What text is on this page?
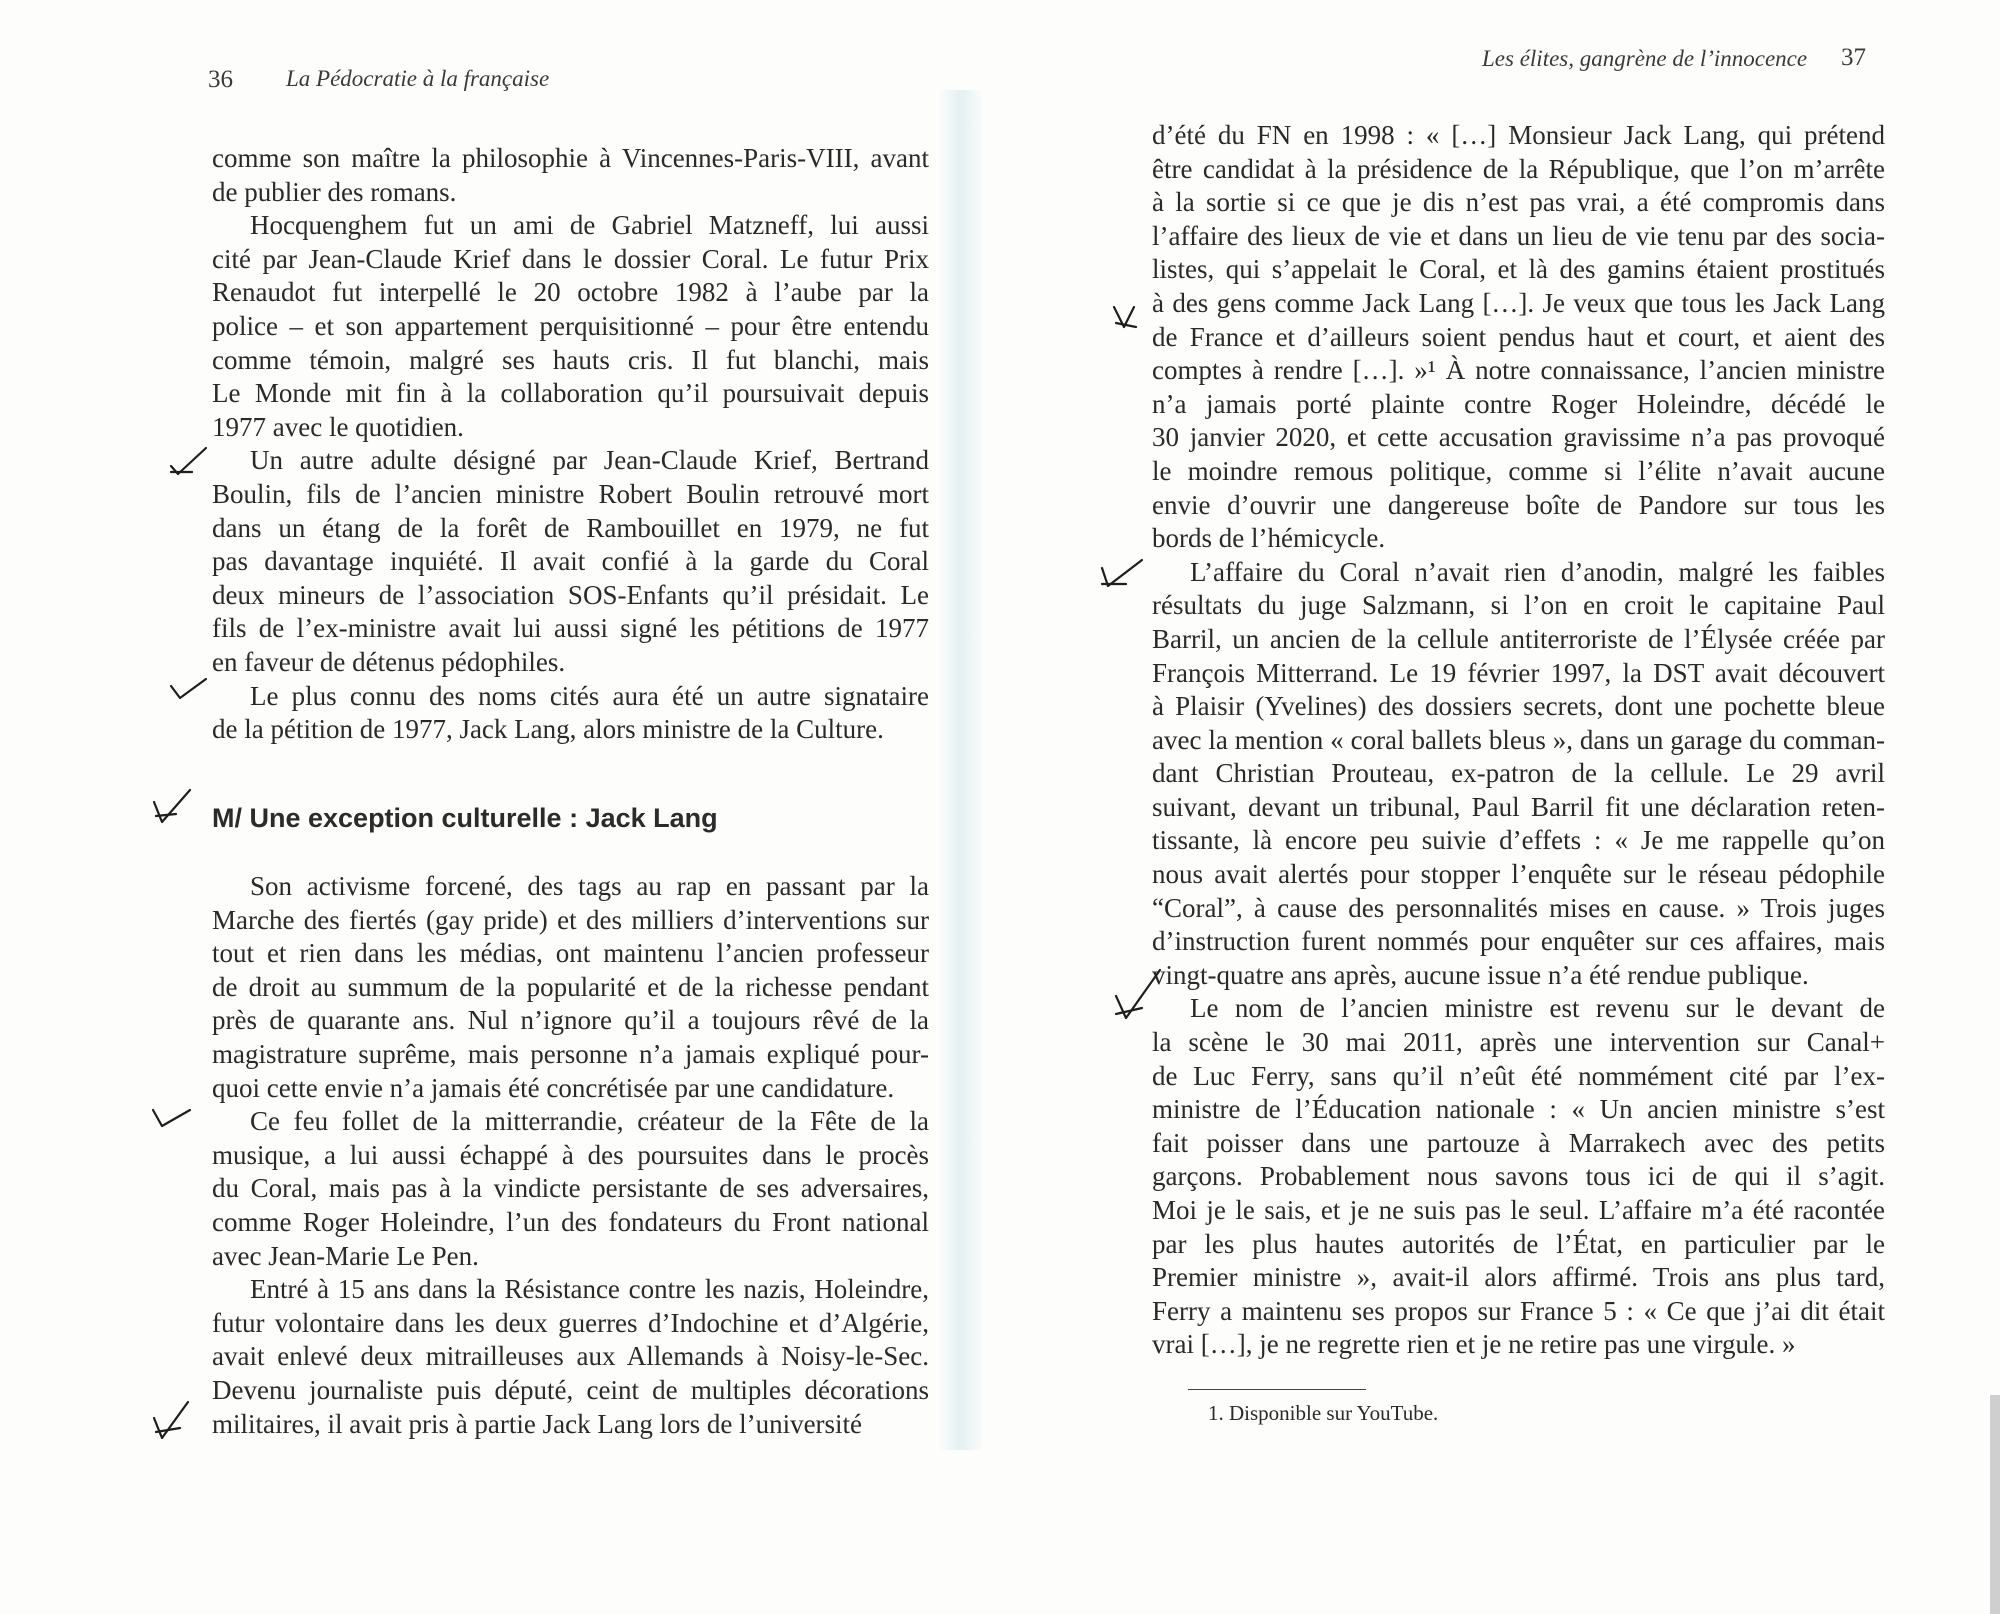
36 La Pédocratie à la française
Les élites, gangrène de l’innocence 37
comme son maître la philosophie à Vincennes-Paris-VIII, avant
de publier des romans.
Hocquenghem fut un ami de Gabriel Matzneff, lui aussi
cité par Jean-Claude Krief dans le dossier Coral. Le futur Prix
Renaudot fut interpellé le 20 octobre 1982 à l’aube par la
police – et son appartement perquisitionné – pour être entendu
comme témoin, malgré ses hauts cris. Il fut blanchi, mais
Le Monde mit fin à la collaboration qu’il poursuivait depuis
1977 avec le quotidien.
Un autre adulte désigné par Jean-Claude Krief, Bertrand
Boulin, fils de l’ancien ministre Robert Boulin retrouvé mort
dans un étang de la forêt de Rambouillet en 1979, ne fut
pas davantage inquiété. Il avait confié à la garde du Coral
deux mineurs de l’association SOS-Enfants qu’il présidait. Le
fils de l’ex-ministre avait lui aussi signé les pétitions de 1977
en faveur de détenus pédophiles.
Le plus connu des noms cités aura été un autre signataire
de la pétition de 1977, Jack Lang, alors ministre de la Culture.
M/ Une exception culturelle : Jack Lang
Son activisme forcené, des tags au rap en passant par la
Marche des fiertés (gay pride) et des milliers d’interventions sur
tout et rien dans les médias, ont maintenu l’ancien professeur
de droit au summum de la popularité et de la richesse pendant
près de quarante ans. Nul n’ignore qu’il a toujours rêvé de la
magistrature suprême, mais personne n’a jamais expliqué pour-
quoi cette envie n’a jamais été concrétisée par une candidature.
Ce feu follet de la mitterrandie, créateur de la Fête de la
musique, a lui aussi échappé à des poursuites dans le procès
du Coral, mais pas à la vindicte persistante de ses adversaires,
comme Roger Holeindre, l’un des fondateurs du Front national
avec Jean-Marie Le Pen.
Entré à 15 ans dans la Résistance contre les nazis, Holeindre,
futur volontaire dans les deux guerres d’Indochine et d’Algérie,
avait enlevé deux mitrailleuses aux Allemands à Noisy-le-Sec.
Devenu journaliste puis député, ceint de multiples décorations
militaires, il avait pris à partie Jack Lang lors de l’université
d’été du FN en 1998 : « […] Monsieur Jack Lang, qui prétend
être candidat à la présidence de la République, que l’on m’arrête
à la sortie si ce que je dis n’est pas vrai, a été compromis dans
l’affaire des lieux de vie et dans un lieu de vie tenu par des socia-
listes, qui s’appelait le Coral, et là des gamins étaient prostitués
à des gens comme Jack Lang […]. Je veux que tous les Jack Lang
de France et d’ailleurs soient pendus haut et court, et aient des
comptes à rendre […]. »¹ À notre connaissance, l’ancien ministre
n’a jamais porté plainte contre Roger Holeindre, décédé le
30 janvier 2020, et cette accusation gravissime n’a pas provoqué
le moindre remous politique, comme si l’élite n’avait aucune
envie d’ouvrir une dangereuse boîte de Pandore sur tous les
bords de l’hémicycle.
L’affaire du Coral n’avait rien d’anodin, malgré les faibles
résultats du juge Salzmann, si l’on en croit le capitaine Paul
Barril, un ancien de la cellule antiterroriste de l’Élysée créée par
François Mitterrand. Le 19 février 1997, la DST avait découvert
à Plaisir (Yvelines) des dossiers secrets, dont une pochette bleue
avec la mention « coral ballets bleus », dans un garage du comman-
dant Christian Prouteau, ex-patron de la cellule. Le 29 avril
suivant, devant un tribunal, Paul Barril fit une déclaration reten-
tissante, là encore peu suivie d’effets : « Je me rappelle qu’on
nous avait alertés pour stopper l’enquête sur le réseau pédophile
“Coral”, à cause des personnalités mises en cause. » Trois juges
d’instruction furent nommés pour enquêter sur ces affaires, mais
vingt-quatre ans après, aucune issue n’a été rendue publique.
Le nom de l’ancien ministre est revenu sur le devant de
la scène le 30 mai 2011, après une intervention sur Canal+
de Luc Ferry, sans qu’il n’eût été nommément cité par l’ex-
ministre de l’Éducation nationale : « Un ancien ministre s’est
fait poisser dans une partouze à Marrakech avec des petits
garçons. Probablement nous savons tous ici de qui il s’agit.
Moi je le sais, et je ne suis pas le seul. L’affaire m’a été racontée
par les plus hautes autorités de l’État, en particulier par le
Premier ministre », avait-il alors affirmé. Trois ans plus tard,
Ferry a maintenu ses propos sur France 5 : « Ce que j’ai dit était
vrai […], je ne regrette rien et je ne retire pas une virgule. »
1. Disponible sur YouTube.
